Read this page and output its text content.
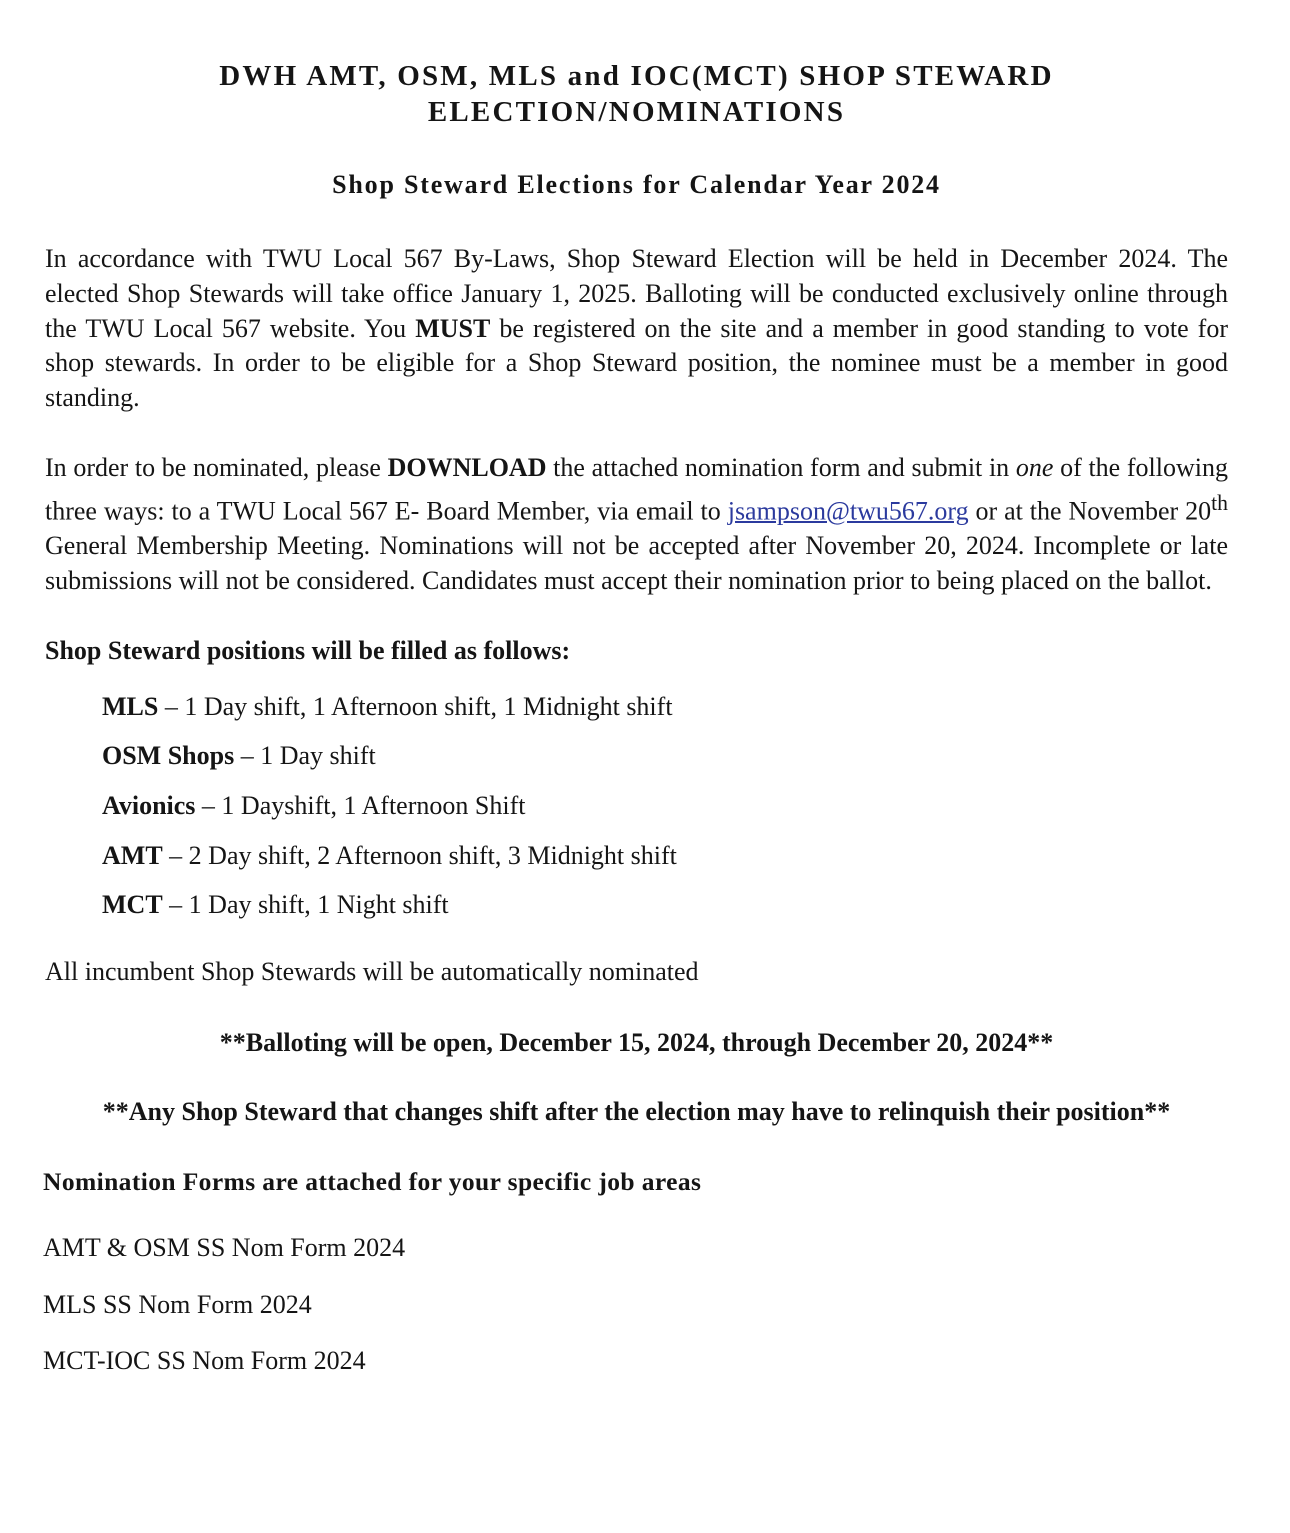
DWH AMT, OSM, MLS and IOC(MCT) SHOP STEWARD
ELECTION/NOMINATIONS
Shop Steward Elections for Calendar Year 2024

In accordance with TWU Local 567 By-Laws, Shop Steward Election will be held in December 2024. The elected Shop Stewards will take office January 1, 2025. Balloting will be conducted exclusively online through the TWU Local 567 website. You MUST be registered on the site and a member in good standing to vote for shop stewards. In order to be eligible for a Shop Steward position, the nominee must be a member in good standing.

In order to be nominated, please DOWNLOAD the attached nomination form and submit in one of the following three ways: to a TWU Local 567 E- Board Member, via email to jsampson@twu567.org or at the November 20th General Membership Meeting. Nominations will not be accepted after November 20, 2024. Incomplete or late submissions will not be considered. Candidates must accept their nomination prior to being placed on the ballot.

Shop Steward positions will be filled as follows:

MLS – 1 Day shift, 1 Afternoon shift, 1 Midnight shift
OSM Shops – 1 Day shift
Avionics – 1 Dayshift, 1 Afternoon Shift
AMT – 2 Day shift, 2 Afternoon shift, 3 Midnight shift
MCT – 1 Day shift, 1 Night shift

All incumbent Shop Stewards will be automatically nominated

**Balloting will be open, December 15, 2024, through December 20, 2024**

**Any Shop Steward that changes shift after the election may have to relinquish their position**

Nomination Forms are attached for your specific job areas

AMT & OSM SS Nom Form 2024
MLS SS Nom Form 2024
MCT-IOC SS Nom Form 2024
